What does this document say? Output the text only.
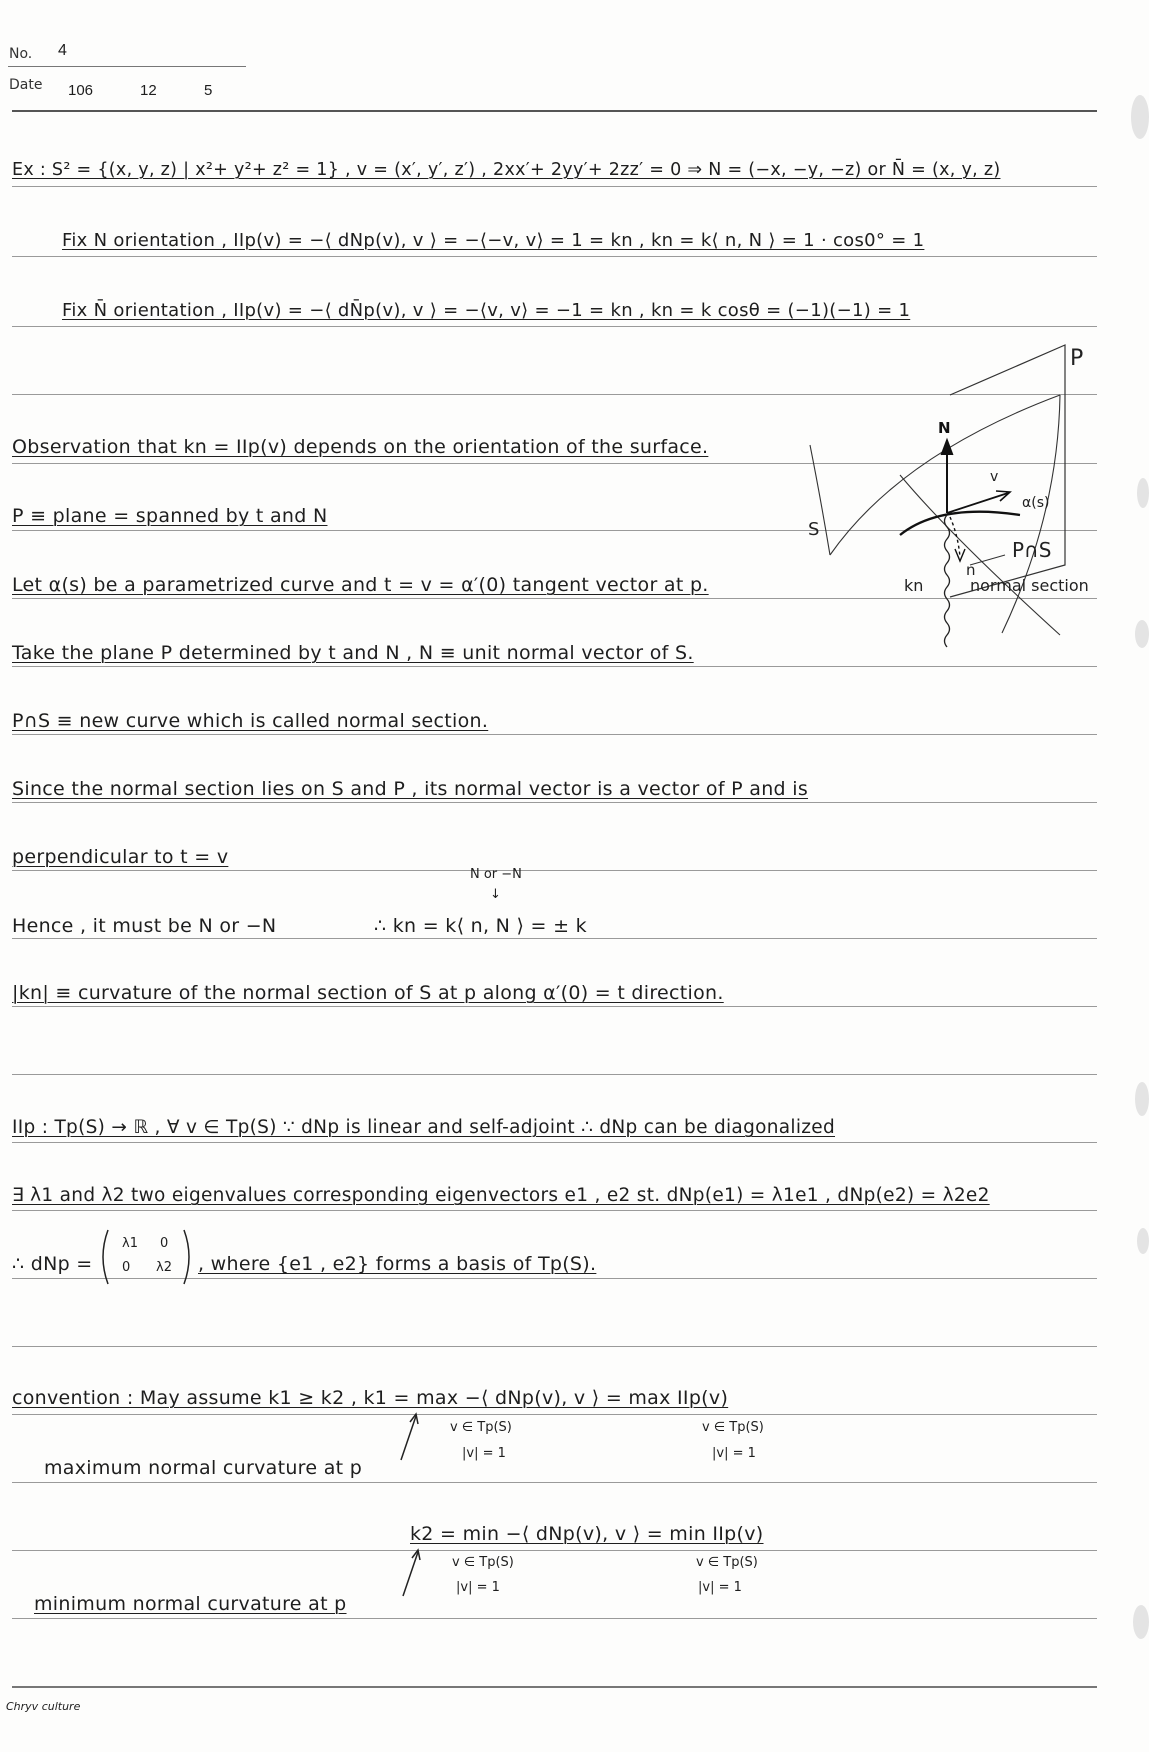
No. 4
Date 106	12	5
Ex : S² = {(x, y, z) | x²+ y²+ z² = 1} , v = (x′, y′, z′) , 2xx′+ 2yy′+ 2zz′ = 0 ⇒ N = (−x, −y, −z) or N̄ = (x, y, z)
Fix N orientation , IIp(v) = −⟨ dNp(v), v ⟩ = −⟨−v, v⟩ = 1 = kn , kn = k⟨ n, N ⟩ = 1 · cos0° = 1
Fix N̄ orientation , IIp(v) = −⟨ dN̄p(v), v ⟩ = −⟨v, v⟩ = −1 = kn , kn = k cosθ = (−1)(−1) = 1
Observation that kn = IIp(v) depends on the orientation of the surface.
P ≡ plane = spanned by t and N
Let α(s) be a parametrized curve and t = v = α′(0) tangent vector at p.
Take the plane P determined by t and N , N ≡ unit normal vector of S.
P∩S ≡ new curve which is called normal section.
Since the normal section lies on S and P , its normal vector is a vector of P and is
perpendicular to t = v
N or −N
↓
Hence , it must be N or −N	∴ kn = k⟨ n, N ⟩ = ± k
|kn| ≡ curvature of the normal section of S at p along α′(0) = t direction.
IIp : Tp(S) → ℝ , ∀ v ∈ Tp(S) ∵ dNp is linear and self-adjoint ∴ dNp can be diagonalized
∃ λ1 and λ2 two eigenvalues corresponding eigenvectors e1 , e2 st. dNp(e1) = λ1e1 , dNp(e2) = λ2e2
∴ dNp =
λ1 0
0 λ2 , where {e1 , e2} forms a basis of Tp(S).
convention : May assume k1 ≥ k2 , k1 = max −⟨ dNp(v), v ⟩ = max IIp(v)
v ∈ Tp(S)
|v| = 1
v ∈ Tp(S)
|v| = 1
maximum normal curvature at p
k2 = min −⟨ dNp(v), v ⟩ = min IIp(v)
v ∈ Tp(S)
|v| = 1
v ∈ Tp(S)
|v| = 1
minimum normal curvature at p
P
S
N
α(s)
v
n
P∩S
kn	normal section
Chryv culture
